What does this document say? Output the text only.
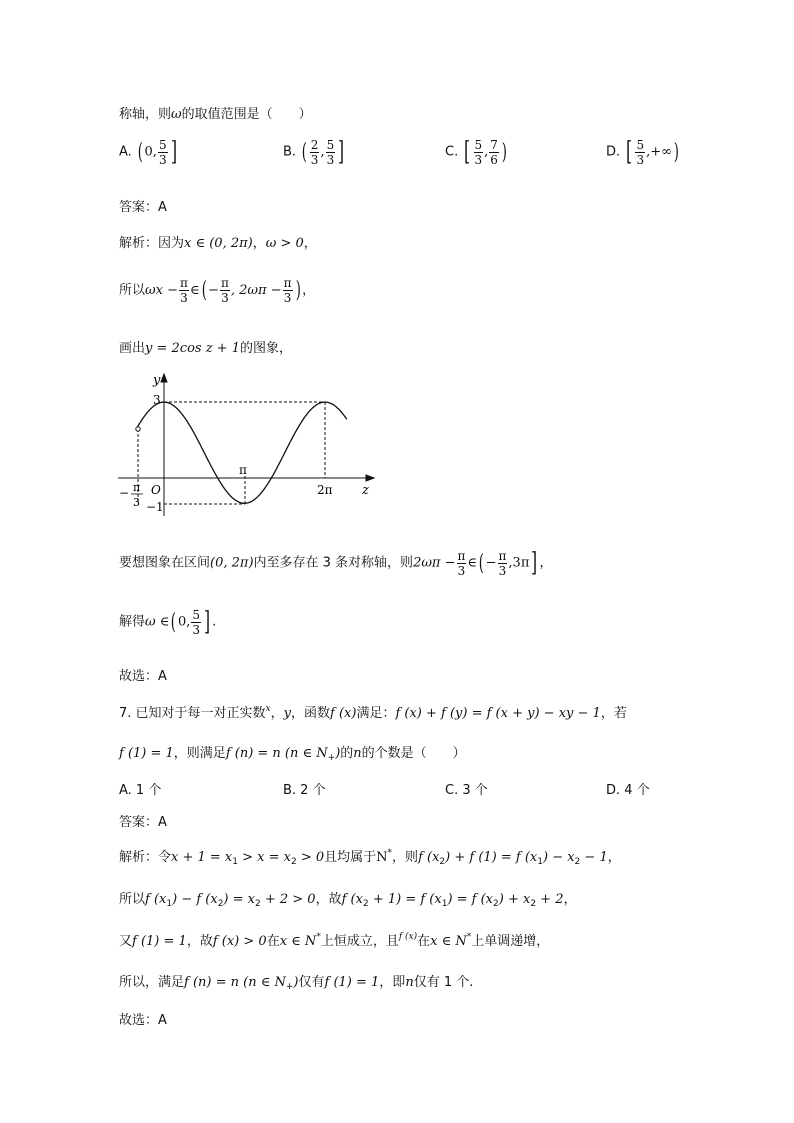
称轴，则ω的取值范围是（　　）
A. ( 0, $\frac{5}{3}$ ]	B. ( $\frac{2}{3}$ , $\frac{5}{3}$ ]	C. [ $\frac{5}{3}$ , $\frac{7}{6}$ )	D. [ $\frac{5}{3}$ ,+∞)
答案：A
解析：因为x ∈ (0, 2π)，ω > 0，
所以$\omega x - \frac{\pi}{3}$ ∈( − $\frac{\pi}{3}$ , $2\omega\pi - \frac{\pi}{3}$ ) ，
画出y = 2cos z + 1的图象，
y
z
O
3
−1
π
2π
− π
3
要想图象在区间(0, 2π)内至多存在 3 条对称轴，则$2\omega\pi - \frac{\pi}{3}$ ∈( − $\frac{\pi}{3} ,3\pi$] ，
解得ω ∈( 0, $\frac{5}{3}$ ] .
故选：A
7. 已知对于每一对正实数$^x$，y，函数f (x)满足：f (x) + f (y) = f (x + y) − xy − 1，若
f (1) = 1，则满足f (n) = n (n ∈ $N_+$)的n的个数是（　　）
A. 1 个	B. 2 个	C. 3 个	D. 4 个
答案：A
解析：令$x + 1 = x_1 > x = x_2 > 0$且均属于N*，则f $(x_2) + f$ (1) = f $(x_1) - x_2 - 1$，
所以f $(x_1) - f$ $(x_2) = x_2 + 2 > 0$，故f $(x_2 + 1) = f$ $(x_1) = f$ $(x_2) + x_2 + 2$，
又f (1) = 1，故f (x) > 0在x ∈ N*上恒成立，且$^{f (x)}$在x ∈ N*上单调递增，
所以，满足f (n) = n (n ∈ $N_+$)仅有f (1) = 1，即n仅有 1 个.
故选：A
